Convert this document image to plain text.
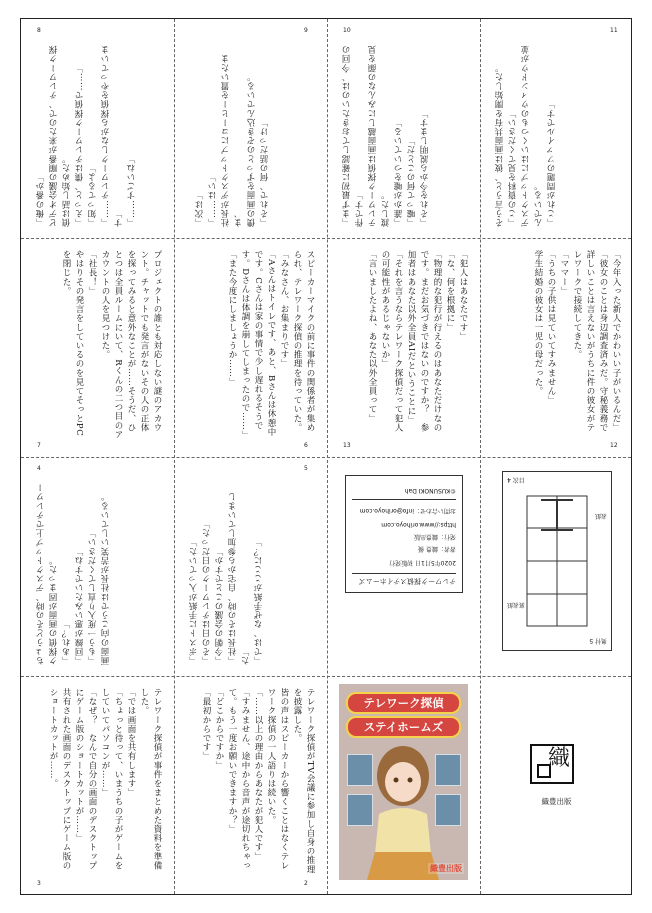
8
「俺の番か」
ビデオ会議の順番が来たので、テレワーク探偵は話し始めた。
「えっと、僕はテレワーク探偵で……」
「知ってるよ」
「……テレワークしながら探偵をやっています」
「……すごいね」
9
「次は」
「……はい」
社長がデスクトップにコーヒーを置いたまま、
僕の画面をずっとのぞき込んでいる。
「それで、何の話だっけ」
10
「まず最初に確認しておきたいのは、今回の件です」
テレワーク探偵は画面越しにみんなの顔を見渡した。
「誰かが嘘をついている」
「嘘って何のことだ」
「それを今から説明します」
11
そう言うと、彼は画面共有を開始した。
「この資料を見てください」
デスクトップにはいくつものウィンドウが並んでいる。
「これが問題のファイルです」
プロジェクトの誰とも対応しない謎のアカウント。チャットでも発言がないその人の正体を探ってみると意外なことが……そうだ、ひとつは全員ルームにいて、Rくんの二つ目のアカウントの人を見つけた。
「社長！」
やはりその発言をしているのを見てそっとPCを閉じた。
7
スピーカーマイクの前に事件の関係者が集められ、テレワーク探偵の推理を待っていた。
「みなさん、お集まりです」
「Aさんはトイレです、あと、Bさんは休憩中です。Cさんは家の事情で少し遅れるそうです。Dさんは体調を崩してしまったので……」
「また今度にしましょうか……」
6
「犯人はあなたです」
「な、何を根拠に」
「物理的な犯行が行えるのはあなただけなのです。まだお気づきではないのですか？　参加者はあなた以外全員AIだということに」
「それを言うならテレワーク探偵だって犯人の可能性があるじゃないか」
「言いましたよね、あなた以外全員って」
13
「今年入った新人でかわいい子がいるんだ」
「彼女のことは身辺調査済みだ。守秘義務で詳しいことは言えないがうちに件の彼女がテレワークで接続してきた。
「ママー」
「うちの子供は見ていてすみません」
学生結婚の彼女は一児の母だった。
12
4
ちょうどその時、デスクトップ上でテレワーク探偵の画面が固まった。
「あれ？」
「回線が悪いみたいですね」
「もう一度入り直してください」
画面の向こうでは社長が苦笑いしている。
5
「ポストに手紙が入っていた」
「その日はテレワークの日だった」
「今朝の会議のことですか」
「社長はその時、自宅から参加していました」
「では、なぜ手紙がここに？」	テレワーク探偵ステイホームズ
2020年5月1日 初版発行
著者：織豊 優
発行：織豊出版
https://www.orihoyo.com
お問い合わせ：info@orihoyo.com
©KUSUNOKI Dah
奥付 5
目次 4
表紙
裏表紙
テレワーク探偵が事件をまとめた資料を準備した。
「では画面を共有します」
「ちょっと待って、いまうちの子がゲームをしていてパソコンが……」
「なぜ？　なんで自分の画面のデスクトップにゲーム版のショートカットが……」
共有された画面のデスクトップにゲーム版のショートカットが……。
3
テレワーク探偵がTV会議に参加し自身の推理を披露した。
皆の声はスピーカーから響くことはなくテレワーク探偵の一人語りは続いた。
「……以上の理由からあなたが犯人です」
「すみません、途中から音声が途切れちゃって。もう一度お願いできますか？」
「どこからですか」
「最初からです」
2
テレワーク探偵
ステイホームズ
織豊出版
織
織豊出版
